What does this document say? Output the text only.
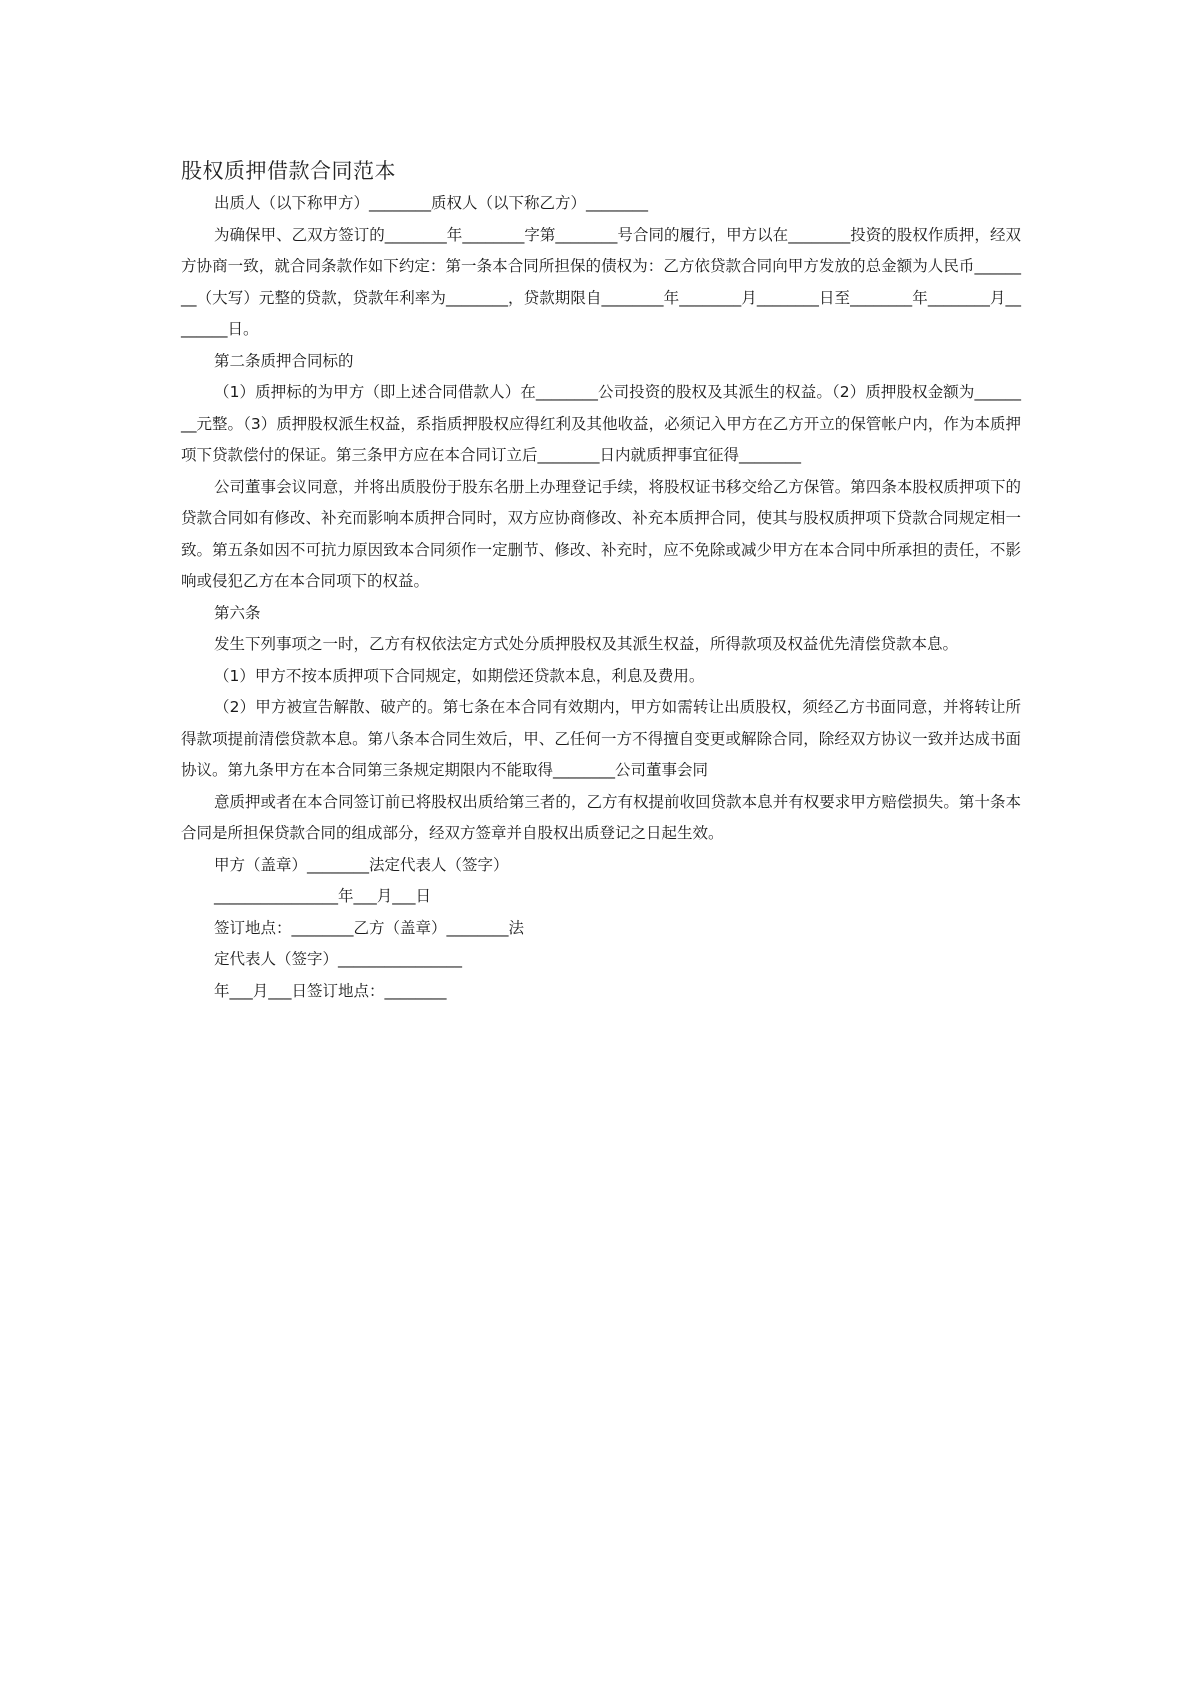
股权质押借款合同范本

出质人（以下称甲方）________质权人（以下称乙方）________

为确保甲、乙双方签订的________年________字第________号合同的履行，甲方以在________投资的股权作质押，经双方协商一致，就合同条款作如下约定：第一条本合同所担保的债权为：乙方依贷款合同向甲方发放的总金额为人民币________（大写）元整的贷款，贷款年利率为________，贷款期限自________年________月________日至________年________月________日。

第二条质押合同标的

（1）质押标的为甲方（即上述合同借款人）在________公司投资的股权及其派生的权益。（2）质押股权金额为________元整。（3）质押股权派生权益，系指质押股权应得红利及其他收益，必须记入甲方在乙方开立的保管帐户内，作为本质押项下贷款偿付的保证。第三条甲方应在本合同订立后________日内就质押事宜征得________

公司董事会议同意，并将出质股份于股东名册上办理登记手续，将股权证书移交给乙方保管。第四条本股权质押项下的贷款合同如有修改、补充而影响本质押合同时，双方应协商修改、补充本质押合同，使其与股权质押项下贷款合同规定相一致。第五条如因不可抗力原因致本合同须作一定删节、修改、补充时，应不免除或减少甲方在本合同中所承担的责任，不影响或侵犯乙方在本合同项下的权益。

第六条

发生下列事项之一时，乙方有权依法定方式处分质押股权及其派生权益，所得款项及权益优先清偿贷款本息。

（1）甲方不按本质押项下合同规定，如期偿还贷款本息，利息及费用。

（2）甲方被宣告解散、破产的。第七条在本合同有效期内，甲方如需转让出质股权，须经乙方书面同意，并将转让所得款项提前清偿贷款本息。第八条本合同生效后，甲、乙任何一方不得擅自变更或解除合同，除经双方协议一致并达成书面协议。第九条甲方在本合同第三条规定期限内不能取得________公司董事会同

意质押或者在本合同签订前已将股权出质给第三者的，乙方有权提前收回贷款本息并有权要求甲方赔偿损失。第十条本合同是所担保贷款合同的组成部分，经双方签章并自股权出质登记之日起生效。

甲方（盖章）________法定代表人（签字）

________________年___月___日

签订地点：________乙方（盖章）________法

定代表人（签字）________________

年___月___日签订地点：________
